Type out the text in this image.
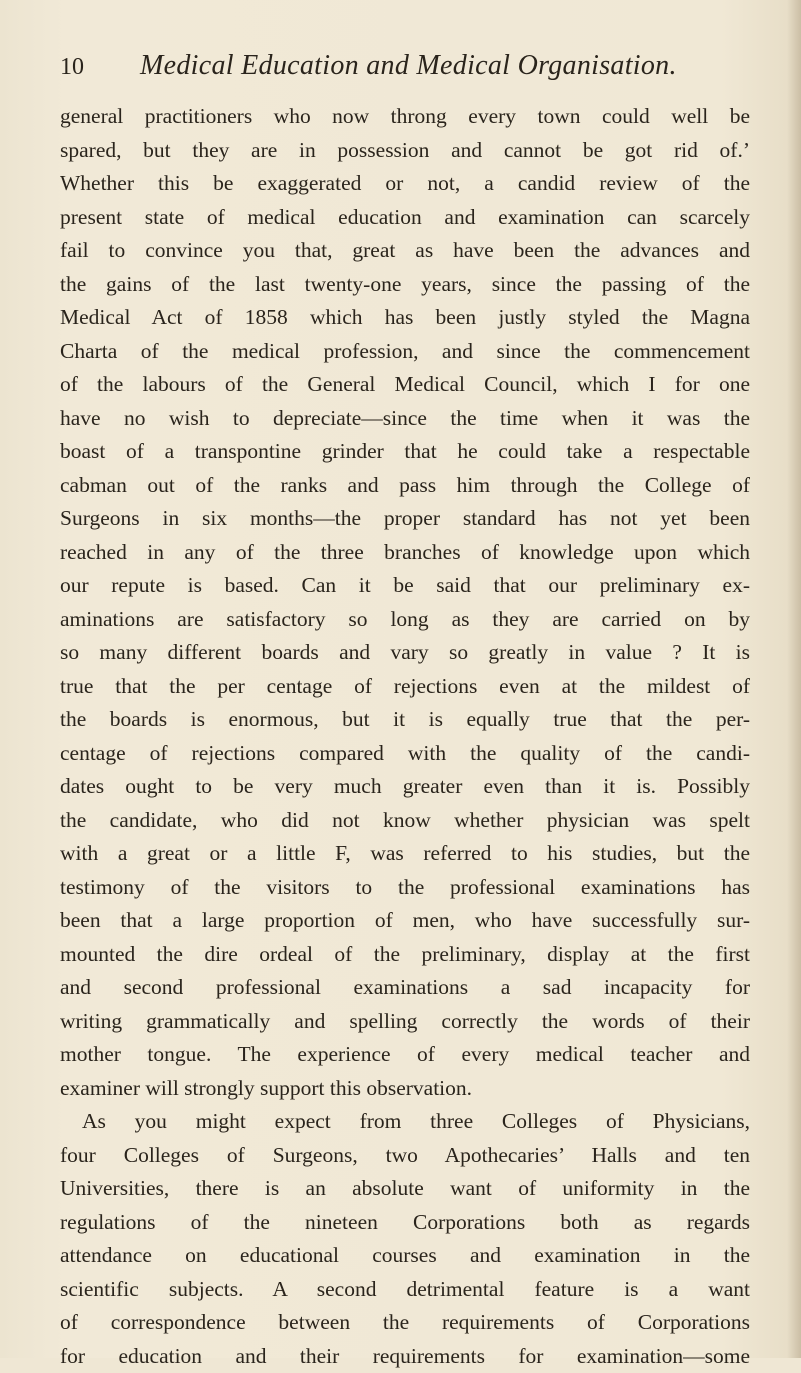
10 Medical Education and Medical Organisation.
general practitioners who now throng every town could well be
spared, but they are in possession and cannot be got rid of.’
Whether this be exaggerated or not, a candid review of the
present state of medical education and examination can scarcely
fail to convince you that, great as have been the advances and
the gains of the last twenty-one years, since the passing of the
Medical Act of 1858 which has been justly styled the Magna
Charta of the medical profession, and since the commencement
of the labours of the General Medical Council, which I for one
have no wish to depreciate—since the time when it was the
boast of a transpontine grinder that he could take a respectable
cabman out of the ranks and pass him through the College of
Surgeons in six months—the proper standard has not yet been
reached in any of the three branches of knowledge upon which
our repute is based. Can it be said that our preliminary ex-
aminations are satisfactory so long as they are carried on by
so many different boards and vary so greatly in value ? It is
true that the per centage of rejections even at the mildest of
the boards is enormous, but it is equally true that the per-
centage of rejections compared with the quality of the candi-
dates ought to be very much greater even than it is. Possibly
the candidate, who did not know whether physician was spelt
with a great or a little F, was referred to his studies, but the
testimony of the visitors to the professional examinations has
been that a large proportion of men, who have successfully sur-
mounted the dire ordeal of the preliminary, display at the first
and second professional examinations a sad incapacity for
writing grammatically and spelling correctly the words of their
mother tongue. The experience of every medical teacher and
examiner will strongly support this observation.
As you might expect from three Colleges of Physicians,
four Colleges of Surgeons, two Apothecaries’ Halls and ten
Universities, there is an absolute want of uniformity in the
regulations of the nineteen Corporations both as regards
attendance on educational courses and examination in the
scientific subjects. A second detrimental feature is a want
of correspondence between the requirements of Corporations
for education and their requirements for examination—some
